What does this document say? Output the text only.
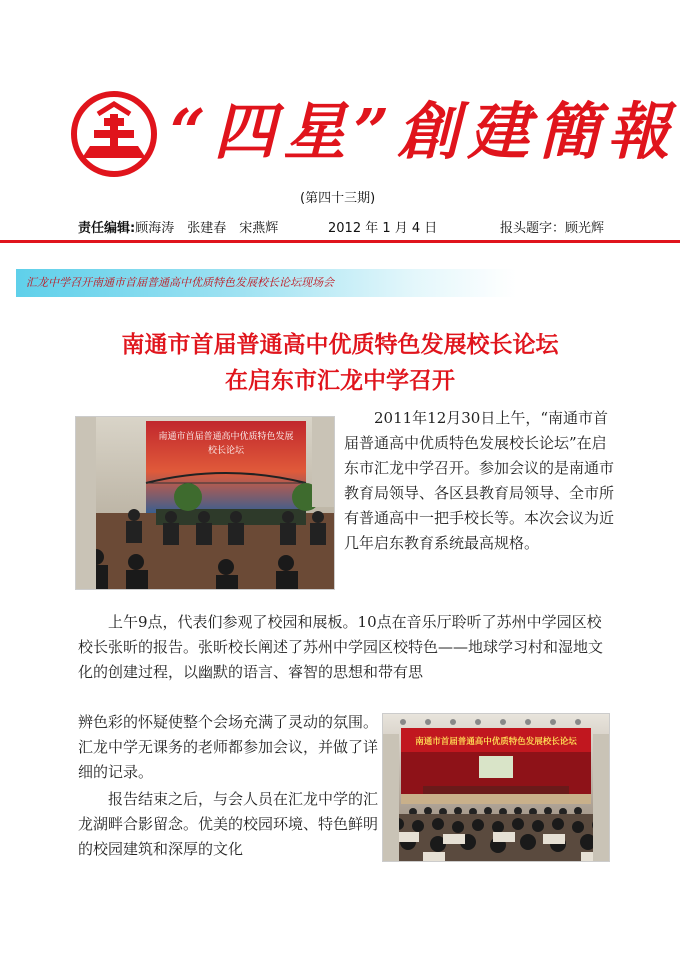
“四星”創建簡報
(第四十三期)
责任编辑:顾海涛　张建春　宋燕辉	2012 年 1 月 4 日	报头题字：顾光辉
汇龙中学召开南通市首届普通高中优质特色发展校长论坛现场会
南通市首届普通高中优质特色发展校长论坛
在启东市汇龙中学召开
南通市首届普通高中优质特色发展
校长论坛
2011年12月30日上午，“南通市首届普通高中优质特色发展校长论坛”在启东市汇龙中学召开。参加会议的是南通市教育局领导、各区县教育局领导、全市所有普通高中一把手校长等。本次会议为近几年启东教育系统最高规格。
上午9点，代表们参观了校园和展板。10点在音乐厅聆听了苏州中学园区校校长张昕的报告。张昕校长阐述了苏州中学园区校特色——地球学习村和湿地文化的创建过程，以幽默的语言、睿智的思想和带有思
辨色彩的怀疑使整个会场充满了灵动的氛围。汇龙中学无课务的老师都参加会议，并做了详细的记录。
报告结束之后，与会人员在汇龙中学的汇龙湖畔合影留念。优美的校园环境、特色鲜明的校园建筑和深厚的文化
南通市首届普通高中优质特色发展校长论坛
